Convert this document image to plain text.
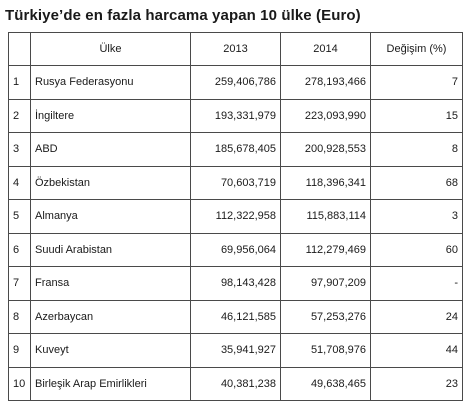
Türkiye’de en fazla harcama yapan 10 ülke (Euro)
	Ülke	2013	2014	Değişim (%)
1	Rusya Federasyonu	259,406,786	278,193,466	7
2	İngiltere	193,331,979	223,093,990	15
3	ABD	185,678,405	200,928,553	8
4	Özbekistan	70,603,719	118,396,341	68
5	Almanya	112,322,958	115,883,114	3
6	Suudi Arabistan	69,956,064	112,279,469	60
7	Fransa	98,143,428	97,907,209	-
8	Azerbaycan	46,121,585	57,253,276	24
9	Kuveyt	35,941,927	51,708,976	44
10	Birleşik Arap Emirlikleri	40,381,238	49,638,465	23
